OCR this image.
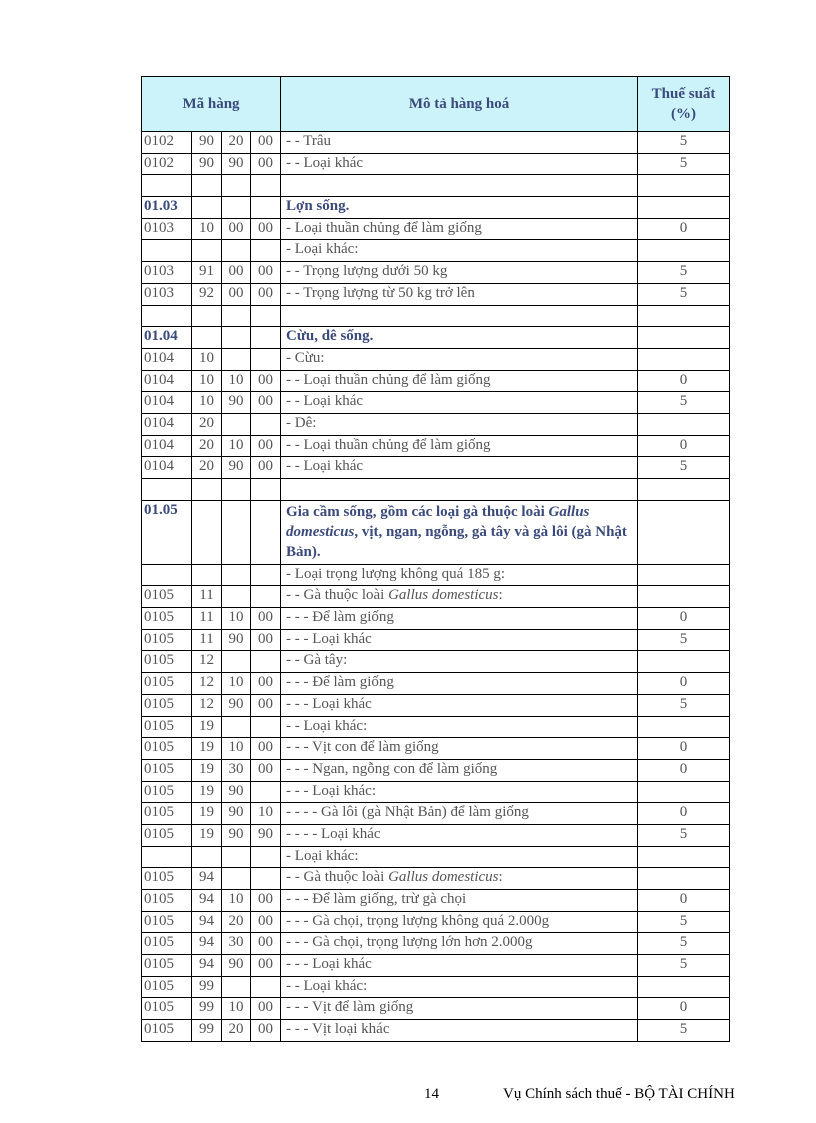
Mã hàng				Mô tả hàng hoá	Thuế suất
(%)
0102	90	20	00	- - Trâu	5
0102	90	90	00	- - Loại khác	5

01.03				Lợn sống.	
0103	10	00	00	- Loại thuần chủng để làm giống	0
				- Loại khác:	
0103	91	00	00	- - Trọng lượng dưới 50 kg	5
0103	92	00	00	- - Trọng lượng từ 50 kg trở lên	5

01.04				Cừu, dê sống.	
0104	10			- Cừu:	
0104	10	10	00	- - Loại thuần chủng để làm giống	0
0104	10	90	00	- - Loại khác	5
0104	20			- Dê:	
0104	20	10	00	- - Loại thuần chủng để làm giống	0
0104	20	90	00	- - Loại khác	5

01.05				Gia cầm sống, gồm các loại gà thuộc loài Gallus domesticus, vịt, ngan, ngỗng, gà tây và gà lôi (gà Nhật Bản).	
				- Loại trọng lượng không quá 185 g:	
0105	11			- - Gà thuộc loài Gallus domesticus:	
0105	11	10	00	- - - Để làm giống	0
0105	11	90	00	- - - Loại khác	5
0105	12			- - Gà tây:	
0105	12	10	00	- - - Để làm giống	0
0105	12	90	00	- - - Loại khác	5
0105	19			- - Loại khác:	
0105	19	10	00	- - - Vịt con để làm giống	0
0105	19	30	00	- - - Ngan, ngỗng con để làm giống	0
0105	19	90		- - - Loại khác:	
0105	19	90	10	- - - - Gà lôi (gà Nhật Bản) để làm giống	0
0105	19	90	90	- - - - Loại khác	5
				- Loại khác:	
0105	94			- - Gà thuộc loài Gallus domesticus:	
0105	94	10	00	- - - Để làm giống, trừ gà chọi	0
0105	94	20	00	- - - Gà chọi, trọng lượng không quá 2.000g	5
0105	94	30	00	- - - Gà chọi, trọng lượng lớn hơn 2.000g	5
0105	94	90	00	- - - Loại khác	5
0105	99			- - Loại khác:	
0105	99	10	00	- - - Vịt để làm giống	0
0105	99	20	00	- - - Vịt loại khác	5
14	Vụ Chính sách thuế - BỘ TÀI CHÍNH
